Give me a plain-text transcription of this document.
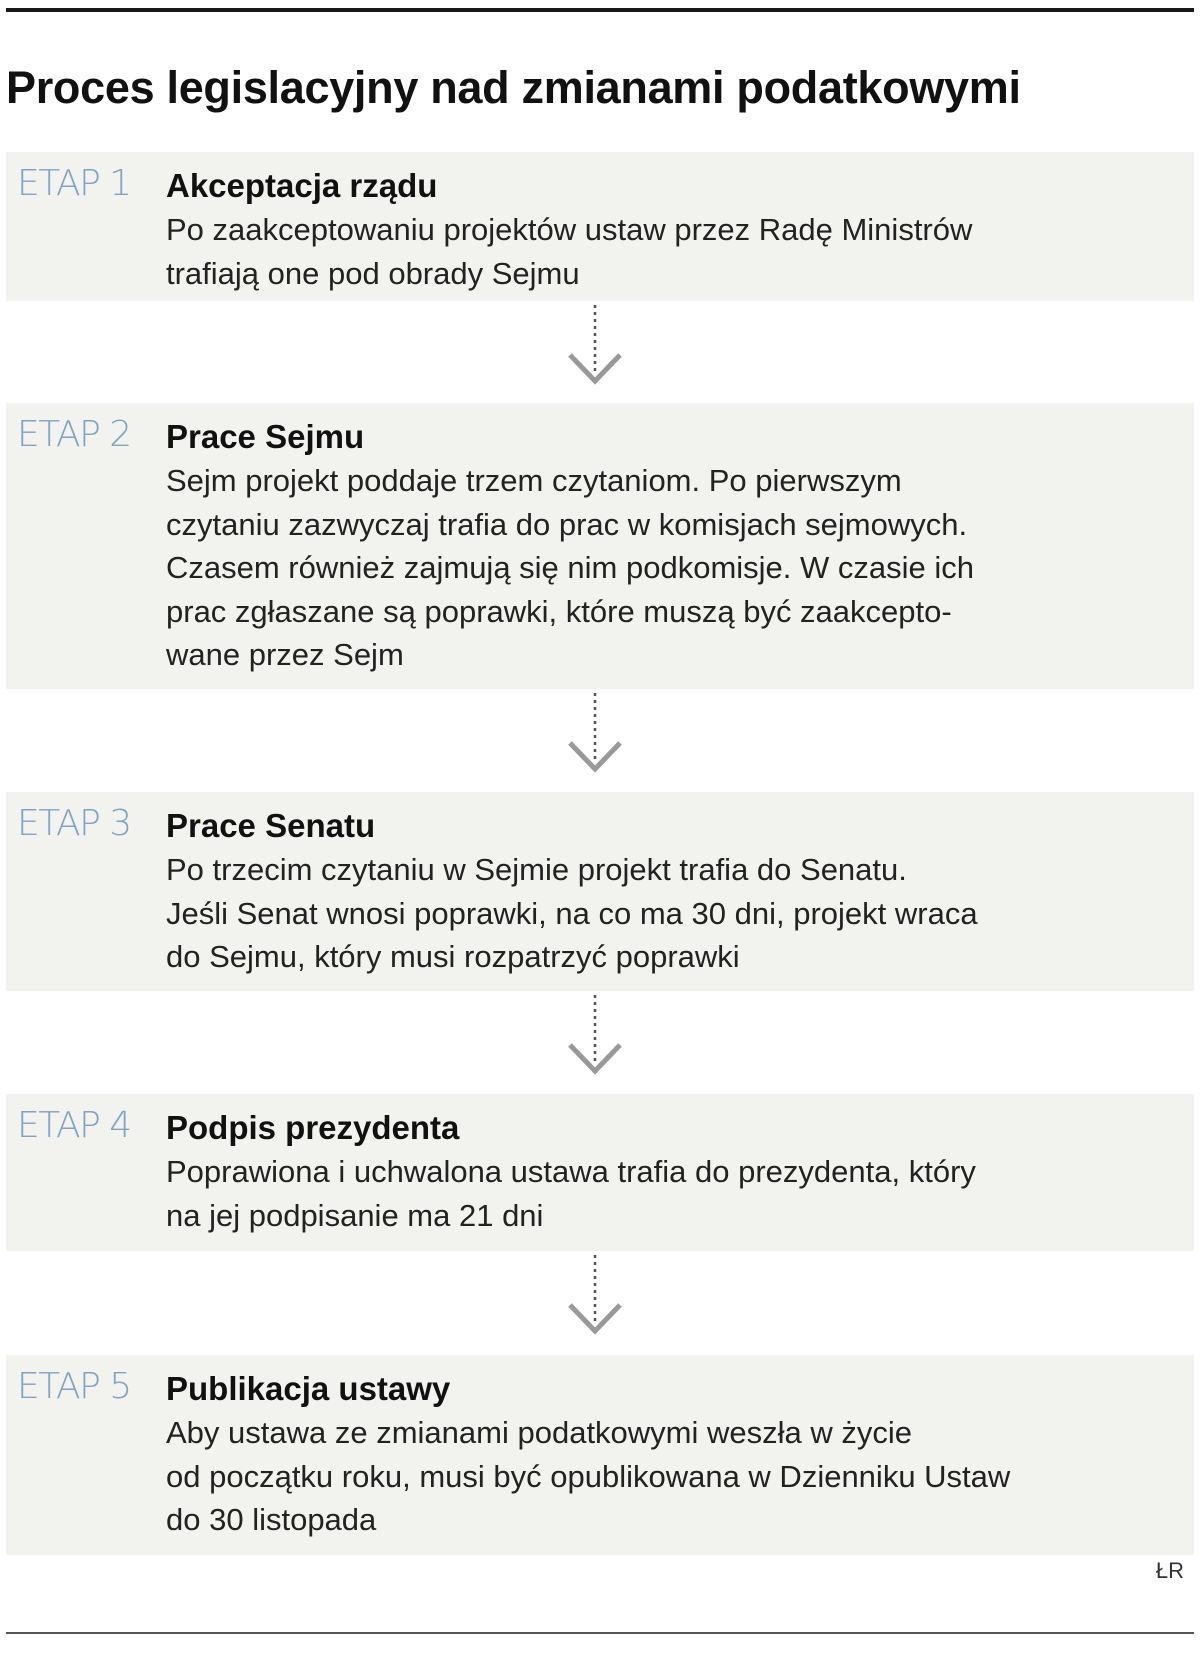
Proces legislacyjny nad zmianami podatkowymi
ETAP 1 Akceptacja rządu

Po zaakceptowaniu projektów ustaw przez Radę Ministrów
trafiają one pod obrady Sejmu

ETAP 2 Prace Sejmu

Sejm projekt poddaje trzem czytaniom. Po pierwszym
czytaniu zazwyczaj trafia do prac w komisjach sejmowych.
Czasem również zajmują się nim podkomisje. W czasie ich
prac zgłaszane są poprawki, które muszą być zaakcepto-
wane przez Sejm

ETAP 3 Prace Senatu

Po trzecim czytaniu w Sejmie projekt trafia do Senatu.
Jeśli Senat wnosi poprawki, na co ma 30 dni, projekt wraca
do Sejmu, który musi rozpatrzyć poprawki

ETAP 4 Podpis prezydenta

Poprawiona i uchwalona ustawa trafia do prezydenta, który
na jej podpisanie ma 21 dni

ETAP 5 Publikacja ustawy

Aby ustawa ze zmianami podatkowymi weszła w życie
od początku roku, musi być opublikowana w Dzienniku Ustaw
do 30 listopada

ŁR
